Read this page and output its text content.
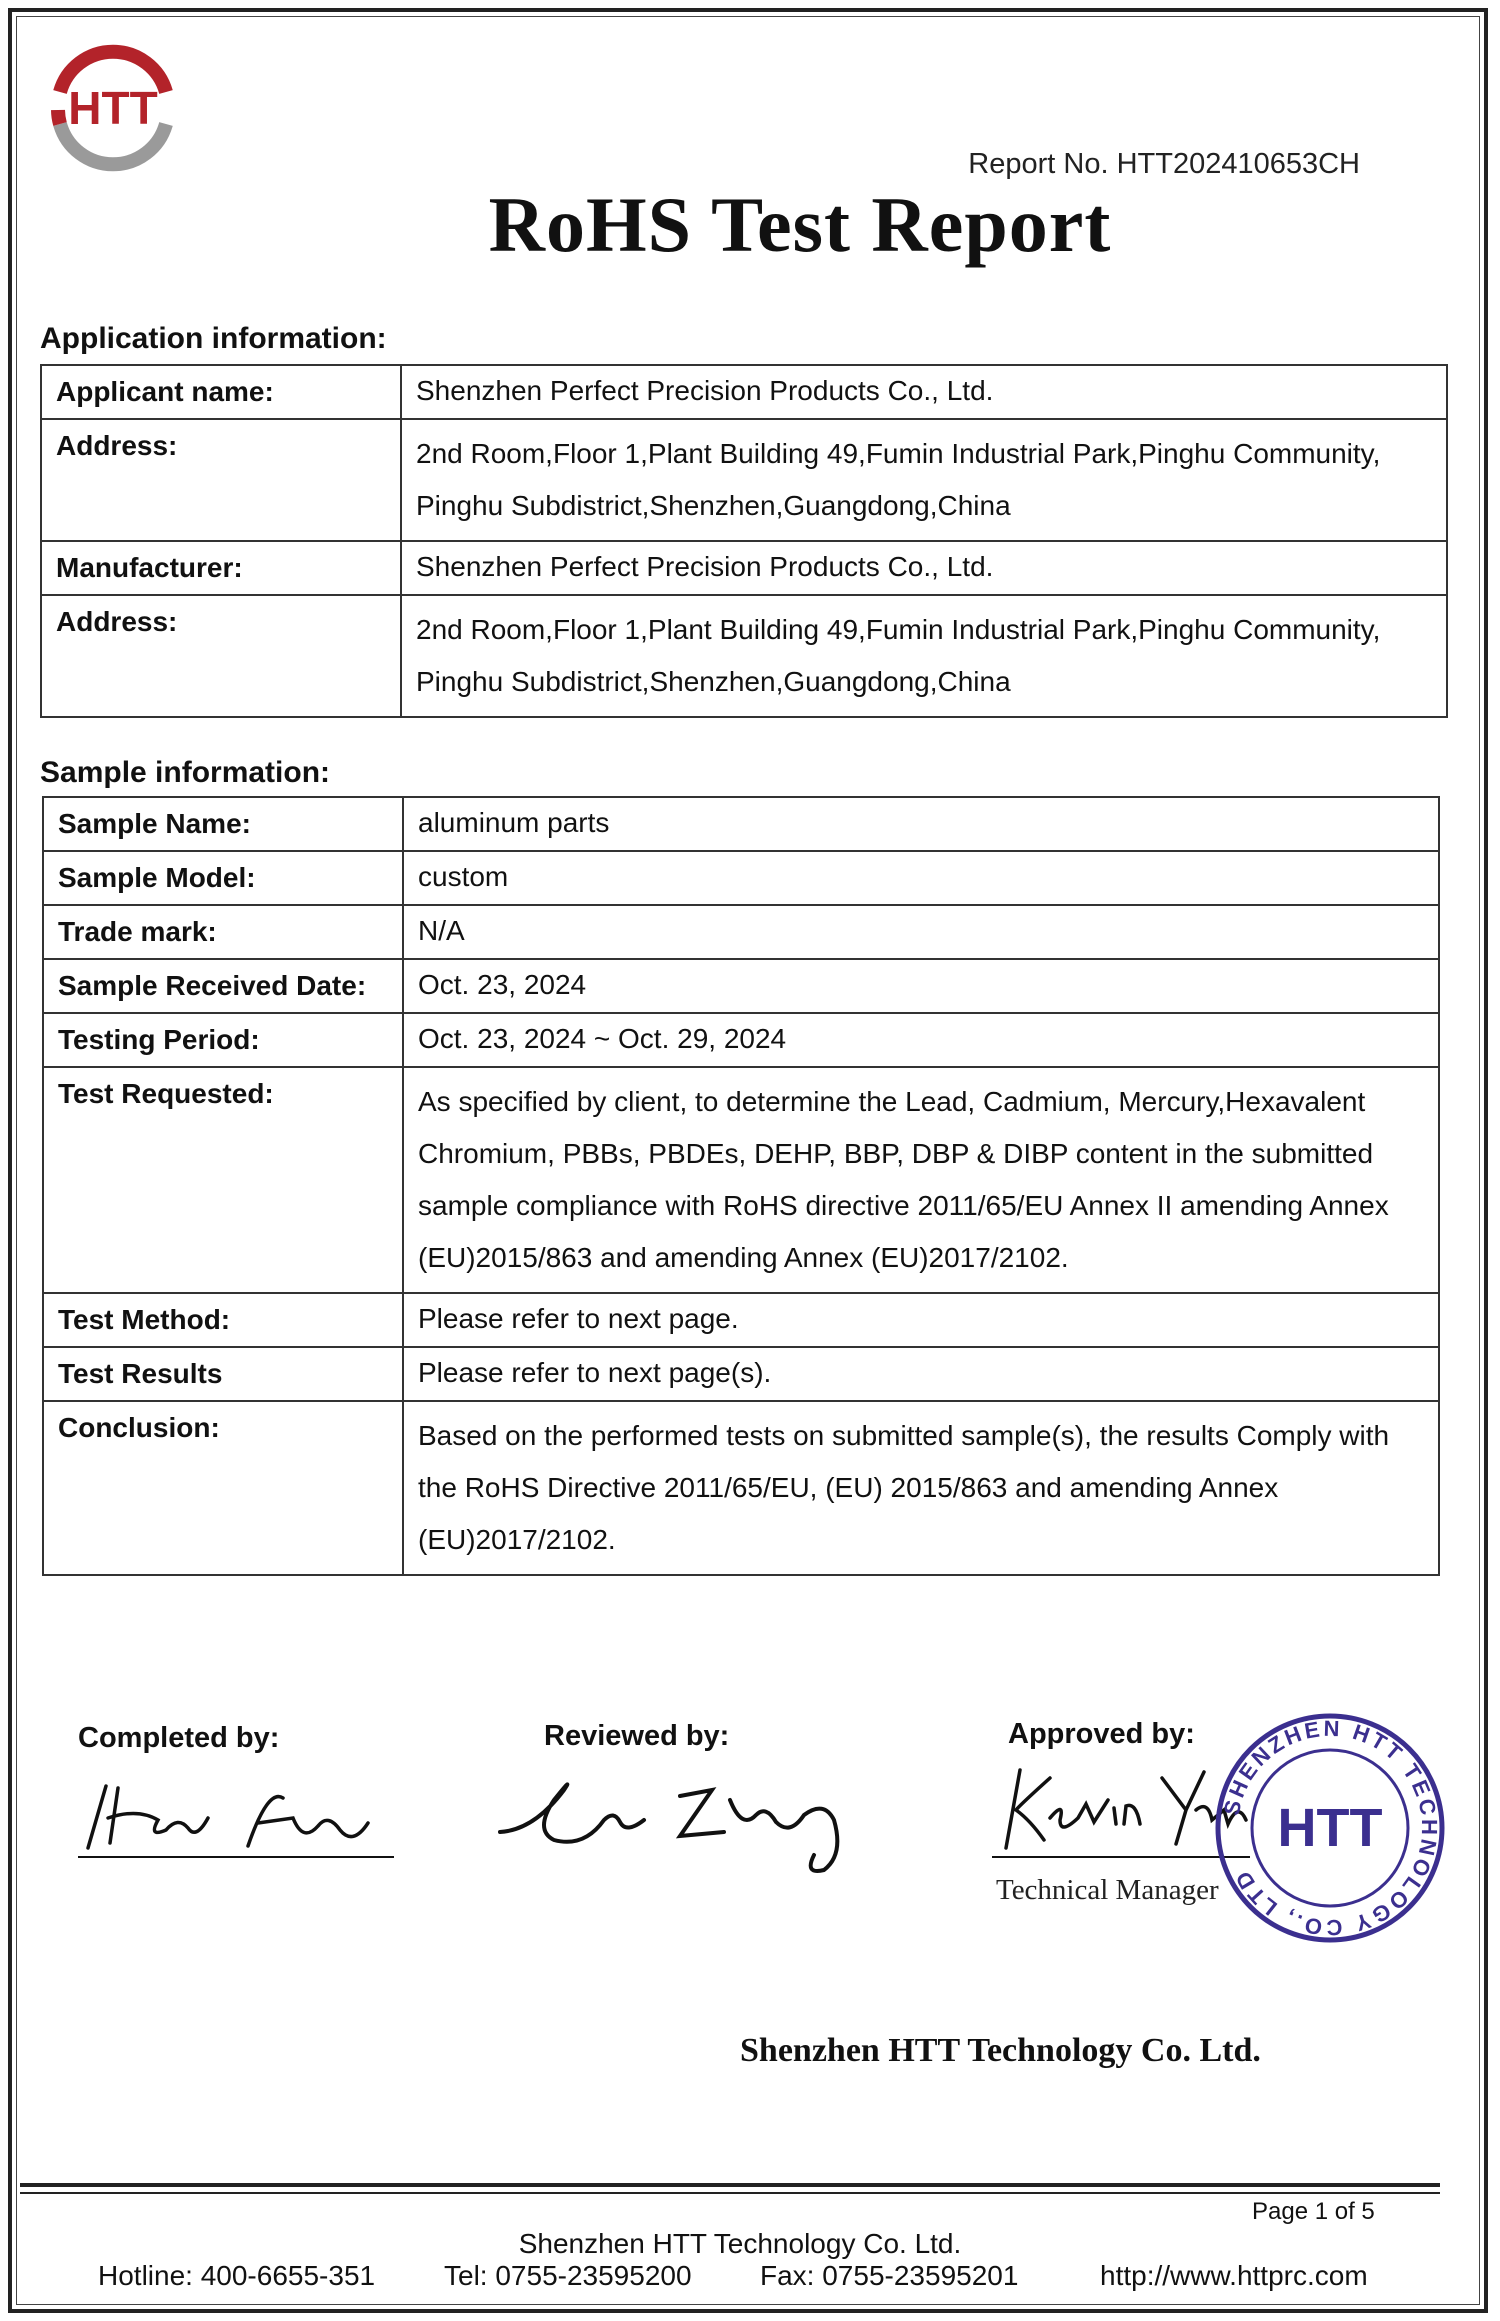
HTT
Report No. HTT202410653CH
RoHS Test Report
Application information:
Applicant name:	Shenzhen Perfect Precision Products Co., Ltd.
Address:	2nd Room,Floor 1,Plant Building 49,Fumin Industrial Park,Pinghu Community, Pinghu Subdistrict,Shenzhen,Guangdong,China
Manufacturer:	Shenzhen Perfect Precision Products Co., Ltd.
Address:	2nd Room,Floor 1,Plant Building 49,Fumin Industrial Park,Pinghu Community, Pinghu Subdistrict,Shenzhen,Guangdong,China
Sample information:
Sample Name:	aluminum parts
Sample Model:	custom
Trade mark:	N/A
Sample Received Date:	Oct. 23, 2024
Testing Period:	Oct. 23, 2024 ~ Oct. 29, 2024
Test Requested:	As specified by client, to determine the Lead, Cadmium, Mercury,Hexavalent Chromium, PBBs, PBDEs, DEHP, BBP, DBP & DIBP content in the submitted sample compliance with RoHS directive 2011/65/EU Annex II amending Annex (EU)2015/863 and amending Annex (EU)2017/2102.
Test Method:	Please refer to next page.
Test Results	Please refer to next page(s).
Conclusion:	Based on the performed tests on submitted sample(s), the results Comply with the RoHS Directive 2011/65/EU, (EU) 2015/863 and amending Annex (EU)2017/2102.
Completed by:	Reviewed by:	Approved by:
Technical Manager
SHENZHEN HTT TECHNOLOGY CO., LTD
HTT
Shenzhen HTT Technology Co. Ltd.
Page 1 of 5
Shenzhen HTT Technology Co. Ltd.
Hotline: 400-6655-351 Tel: 0755-23595200 Fax: 0755-23595201	http://www.httprc.com
